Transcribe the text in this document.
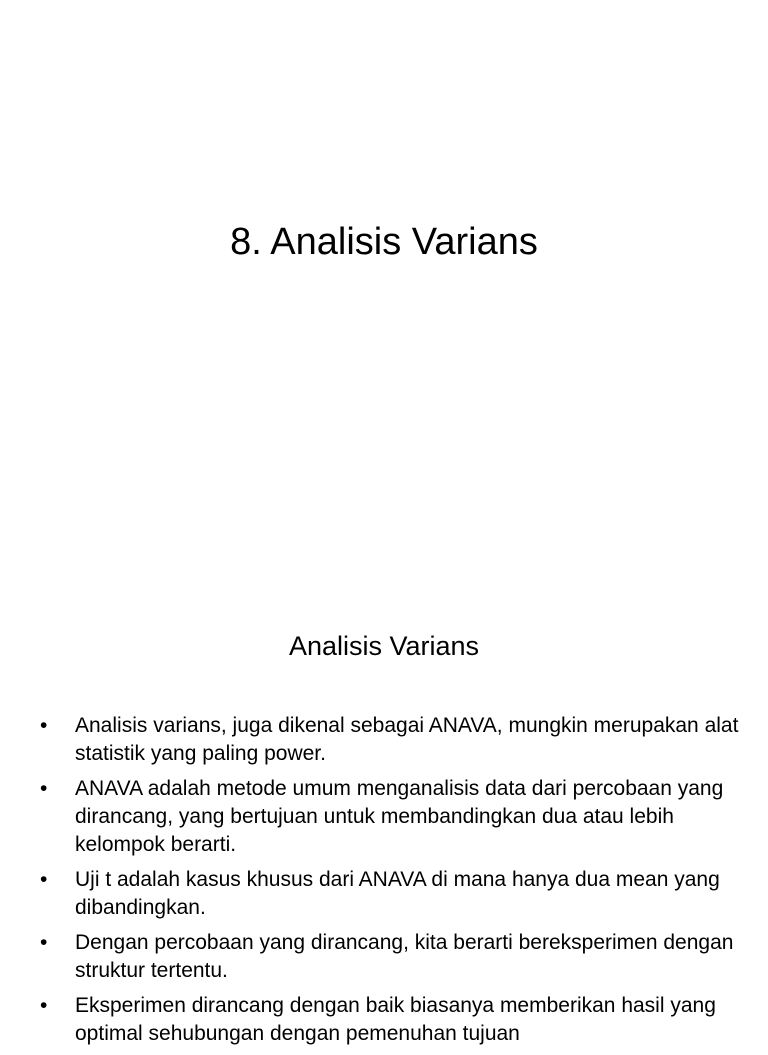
8. Analisis Varians
Analisis Varians
•	Analisis varians, juga dikenal sebagai ANAVA, mungkin merupakan alat statistik yang paling power.
•	ANAVA adalah metode umum menganalisis data dari percobaan yang dirancang, yang bertujuan untuk membandingkan dua atau lebih kelompok berarti.
•	Uji t adalah kasus khusus dari ANAVA di mana hanya dua mean yang dibandingkan.
•	Dengan percobaan yang dirancang, kita berarti bereksperimen dengan struktur tertentu.
•	Eksperimen dirancang dengan baik biasanya memberikan hasil yang optimal sehubungan dengan pemenuhan tujuan
